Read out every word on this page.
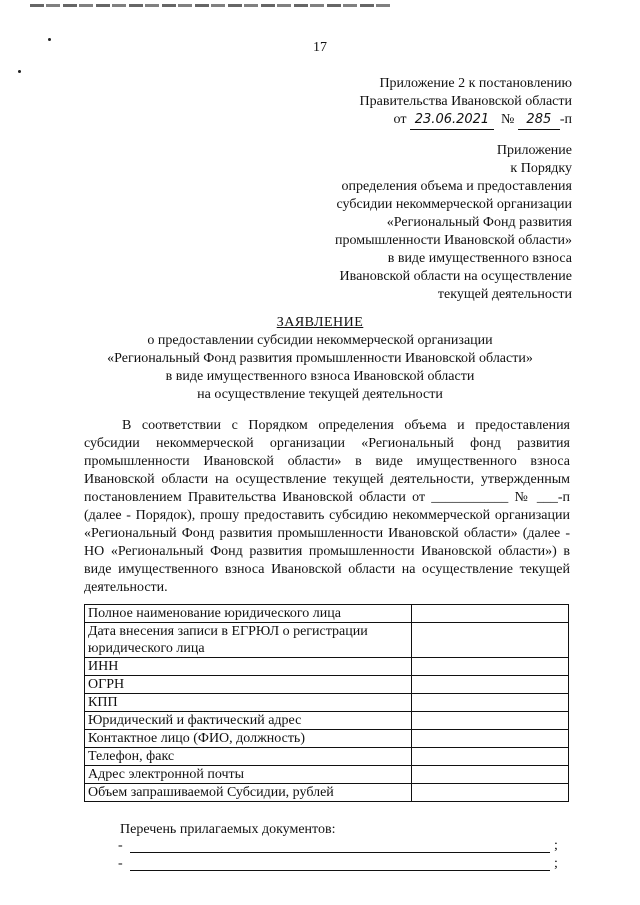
17
Приложение 2 к постановлению
Правительства Ивановской области
от 23.06.2021 № 285 -п
Приложение
к Порядку
определения объема и предоставления
субсидии некоммерческой организации
«Региональный Фонд развития
промышленности Ивановской области»
в виде имущественного взноса
Ивановской области на осуществление
текущей деятельности
ЗАЯВЛЕНИЕ
о предоставлении субсидии некоммерческой организации
«Региональный Фонд развития промышленности Ивановской области»
в виде имущественного взноса Ивановской области
на осуществление текущей деятельности

В соответствии с Порядком определения объема и предоставления субсидии некоммерческой организации «Региональный фонд развития промышленности Ивановской области» в виде имущественного взноса Ивановской области на осуществление текущей деятельности, утвержденным постановлением Правительства Ивановской области от ___________ № ___-п (далее - Порядок), прошу предоставить субсидию некоммерческой организации «Региональный Фонд развития промышленности Ивановской области» (далее - НО «Региональный Фонд развития промышленности Ивановской области») в виде имущественного взноса Ивановской области на осуществление текущей деятельности.

Полное наименование юридического лица	
Дата внесения записи в ЕГРЮЛ о регистрации юридического лица	
ИНН	
ОГРН	
КПП	
Юридический и фактический адрес	
Контактное лицо (ФИО, должность)	
Телефон, факс	
Адрес электронной почты	
Объем запрашиваемой Субсидии, рублей	
Перечень прилагаемых документов:
-	;
-	;
